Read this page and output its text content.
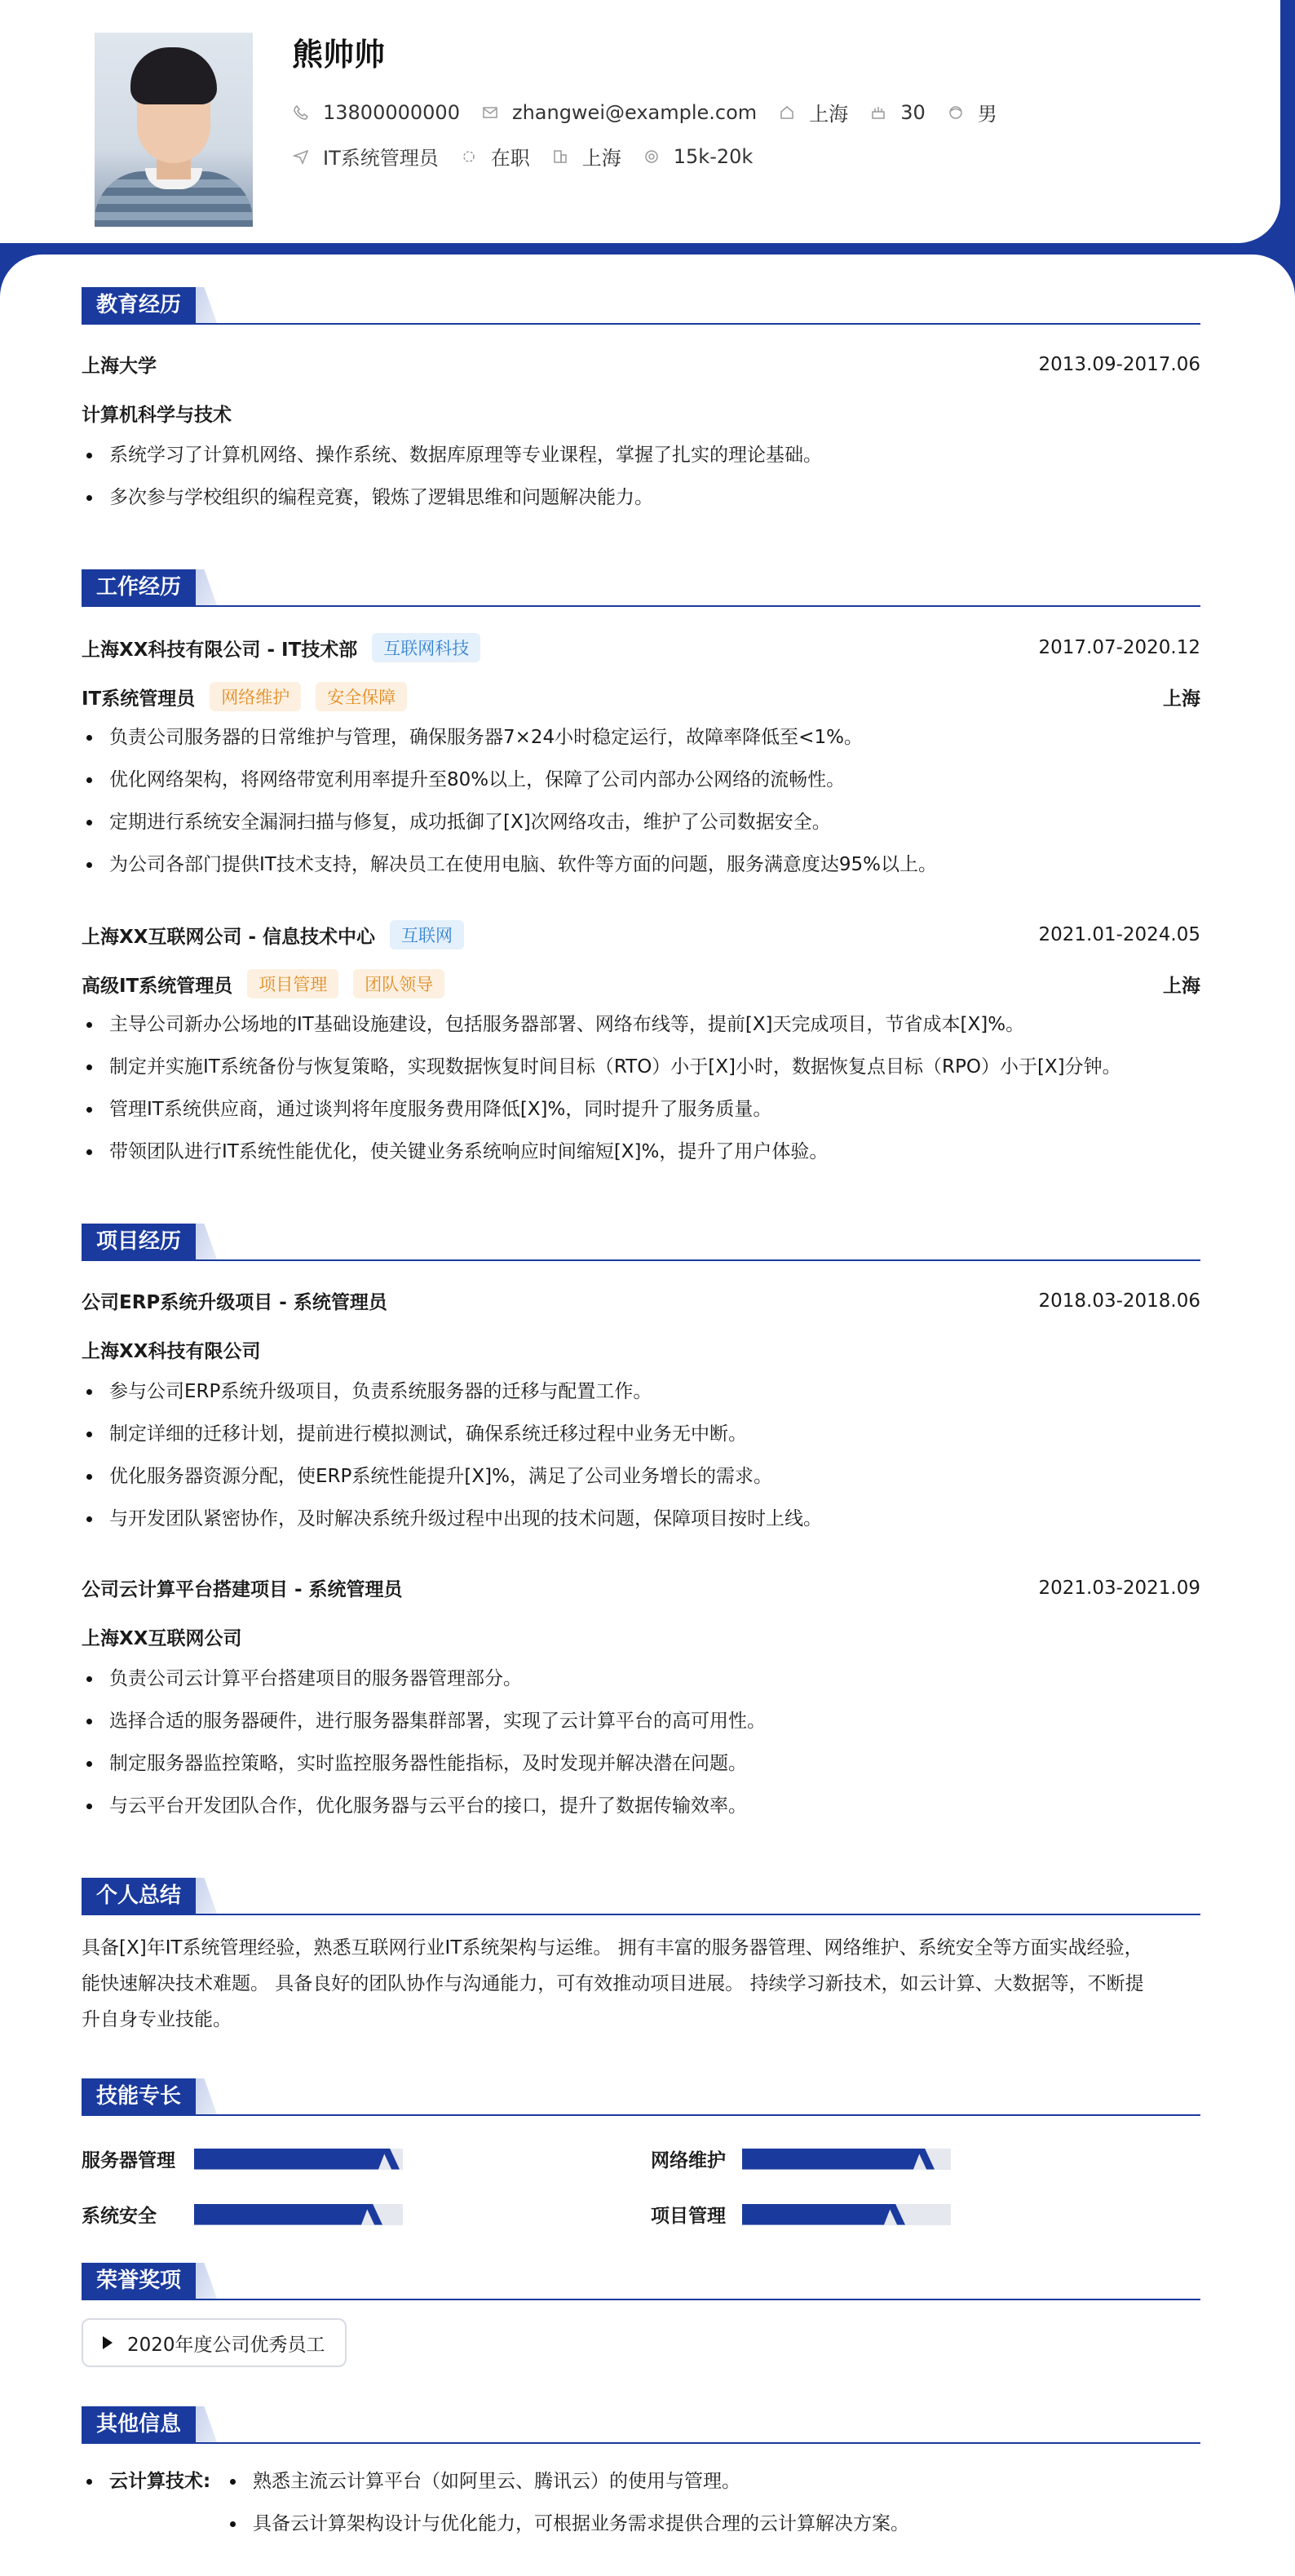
熊帅帅
13800000000	zhangwei@example.com	上海	30	男
IT系统管理员	在职	上海	15k-20k
教育经历
上海大学	2013.09-2017.06
计算机科学与技术
系统学习了计算机网络、操作系统、数据库原理等专业课程，掌握了扎实的理论基础。
多次参与学校组织的编程竞赛，锻炼了逻辑思维和问题解决能力。
工作经历
上海XX科技有限公司 - IT技术部	互联网科技	2017.07-2020.12
IT系统管理员	网络维护	安全保障	上海
负责公司服务器的日常维护与管理，确保服务器7×24小时稳定运行，故障率降低至<1%。
优化网络架构，将网络带宽利用率提升至80%以上，保障了公司内部办公网络的流畅性。
定期进行系统安全漏洞扫描与修复，成功抵御了[X]次网络攻击，维护了公司数据安全。
为公司各部门提供IT技术支持，解决员工在使用电脑、软件等方面的问题，服务满意度达95%以上。
上海XX互联网公司 - 信息技术中心	互联网	2021.01-2024.05
高级IT系统管理员	项目管理	团队领导	上海
主导公司新办公场地的IT基础设施建设，包括服务器部署、网络布线等，提前[X]天完成项目，节省成本[X]%。
制定并实施IT系统备份与恢复策略，实现数据恢复时间目标（RTO）小于[X]小时，数据恢复点目标（RPO）小于[X]分钟。
管理IT系统供应商，通过谈判将年度服务费用降低[X]%，同时提升了服务质量。
带领团队进行IT系统性能优化，使关键业务系统响应时间缩短[X]%，提升了用户体验。
项目经历
公司ERP系统升级项目 - 系统管理员	2018.03-2018.06
上海XX科技有限公司
参与公司ERP系统升级项目，负责系统服务器的迁移与配置工作。
制定详细的迁移计划，提前进行模拟测试，确保系统迁移过程中业务无中断。
优化服务器资源分配，使ERP系统性能提升[X]%，满足了公司业务增长的需求。
与开发团队紧密协作，及时解决系统升级过程中出现的技术问题，保障项目按时上线。
公司云计算平台搭建项目 - 系统管理员	2021.03-2021.09
上海XX互联网公司
负责公司云计算平台搭建项目的服务器管理部分。
选择合适的服务器硬件，进行服务器集群部署，实现了云计算平台的高可用性。
制定服务器监控策略，实时监控服务器性能指标，及时发现并解决潜在问题。
与云平台开发团队合作，优化服务器与云平台的接口，提升了数据传输效率。
个人总结
具备[X]年IT系统管理经验，熟悉互联网行业IT系统架构与运维。 拥有丰富的服务器管理、网络维护、系统安全等方面实战经验，
能快速解决技术难题。 具备良好的团队协作与沟通能力，可有效推动项目进展。 持续学习新技术，如云计算、大数据等，不断提
升自身专业技能。
技能专长
服务器管理	网络维护
系统安全	项目管理
荣誉奖项
2020年度公司优秀员工
其他信息
云计算技术:	熟悉主流云计算平台（如阿里云、腾讯云）的使用与管理。
具备云计算架构设计与优化能力，可根据业务需求提供合理的云计算解决方案。
